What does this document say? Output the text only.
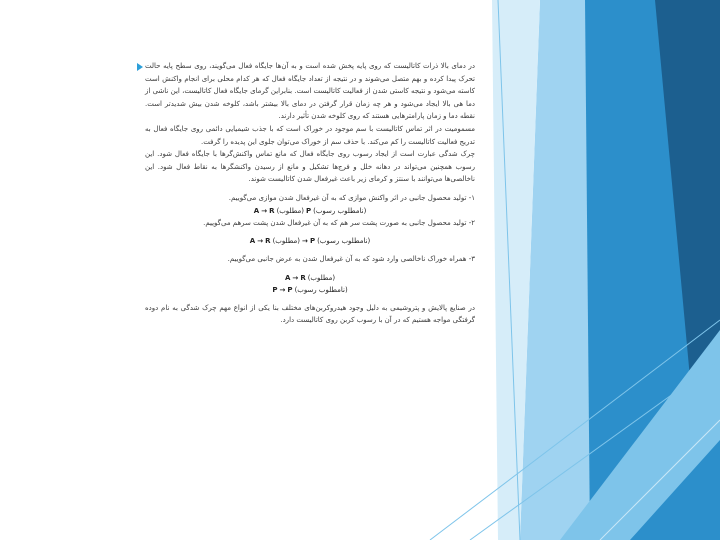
در دمای بالا ذرات کاتالیست که روی پایه پخش شده است و به آن‌ها جایگاه فعال می‌گویند، روی سطح پایه حالت تحرک پیدا کرده و بهم متصل می‌شوند و در نتیجه از تعداد جایگاه فعال که هر کدام محلی برای انجام واکنش است کاسته می‌شود و نتیجه کاستی شدن از فعالیت کاتالیست است. بنابراین گرمای جایگاه فعال کاتالیست، این ناشی از دما هی بالا ایجاد می‌شود و هر چه زمان قرار گرفتن در دمای بالا بیشتر باشد، کلوخه شدن بیش شدیدتر است. نقطه دما و زمان پارامترهایی هستند که روی کلوخه شدن تأثیر دارند.

مسمومیت در اثر تماس کاتالیست با سم موجود در خوراک است که با جذب شیمیایی دائمی روی جایگاه فعال به تدریج فعالیت کاتالیست را کم می‌کند. با حذف سم از خوراک می‌توان جلوی این پدیده را گرفت.

چرک شدگی عبارت است از ایجاد رسوب روی جایگاه فعال که مانع تماس واکنش‌گرها با جایگاه فعال شود. این رسوب همچنین می‌تواند در دهانه خلل و فرج‌ها تشکیل و مانع از رسیدن واکنشگرها به نقاط فعال شود. این ناخالصی‌ها می‌توانند با سنتز و کرمای زیر باعث غیرفعال شدن کاتالیست شوند.

۱- تولید محصول جانبی در اثر واکنش موازی که به آن غیرفعال شدن موازی می‌گوییم.

A → R (مطلوب) P (نامطلوب رسوب)

۲- تولید محصول جانبی به صورت پشت سر هم که به آن غیرفعال شدن پشت سرهم می‌گوییم.

A → R (مطلوب) → P (نامطلوب رسوب)

۳- همراه خوراک ناخالصی وارد شود که به آن غیرفعال شدن به عرض جانبی می‌گوییم.

A → R (مطلوب)

P → P (نامطلوب رسوب)

در صنایع پالایش و پتروشیمی به دلیل وجود هیدروکربن‌های مختلف بنا یکی از انواع مهم چرک شدگی به نام دوده گرفتگی مواجه هستیم که در آن با رسوب کربن روی کاتالیست دارد.
